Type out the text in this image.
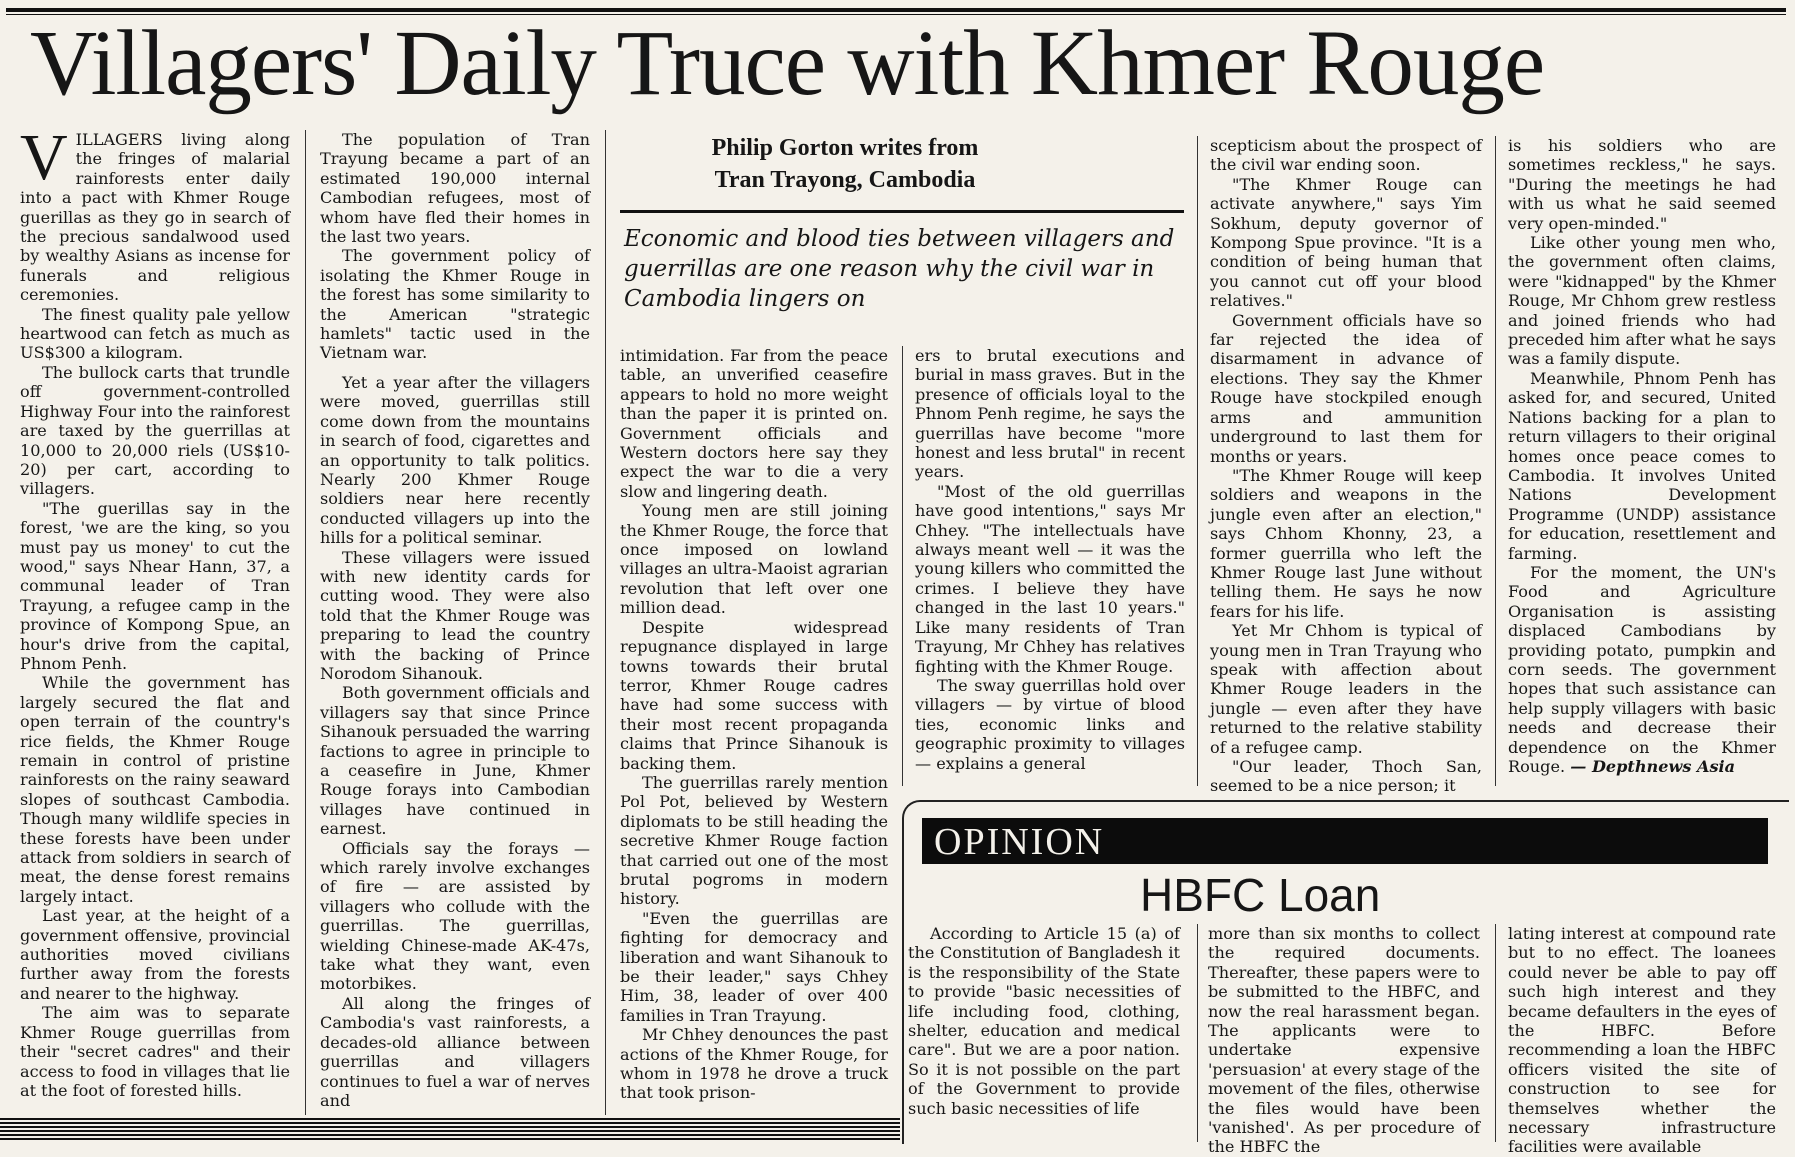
Villagers' Daily Truce with Khmer Rouge

VILLAGERS living along the fringes of malarial rainforests enter daily into a pact with Khmer Rouge guerillas as they go in search of the precious sandalwood used by wealthy Asians as incense for funerals and religious ceremonies.

The finest quality pale yellow heartwood can fetch as much as US$300 a kilogram.

The bullock carts that trundle off government-controlled Highway Four into the rainforest are taxed by the guerrillas at 10,000 to 20,000 riels (US$10-20) per cart, according to villagers.

"The guerillas say in the forest, 'we are the king, so you must pay us money' to cut the wood," says Nhear Hann, 37, a communal leader of Tran Trayung, a refugee camp in the province of Kompong Spue, an hour's drive from the capital, Phnom Penh.

While the government has largely secured the flat and open terrain of the country's rice fields, the Khmer Rouge remain in control of pristine rainforests on the rainy seaward slopes of southcast Cambodia. Though many wildlife species in these forests have been under attack from soldiers in search of meat, the dense forest remains largely intact.

Last year, at the height of a government offensive, provincial authorities moved civilians further away from the forests and nearer to the highway.

The aim was to separate Khmer Rouge guerrillas from their "secret cadres" and their access to food in villages that lie at the foot of forested hills.

The population of Tran Trayung became a part of an estimated 190,000 internal Cambodian refugees, most of whom have fled their homes in the last two years.

The government policy of isolating the Khmer Rouge in the forest has some similarity to the American "strategic hamlets" tactic used in the Vietnam war.

Yet a year after the villagers were moved, guerrillas still come down from the mountains in search of food, cigarettes and an opportunity to talk politics. Nearly 200 Khmer Rouge soldiers near here recently conducted villagers up into the hills for a political seminar.

These villagers were issued with new identity cards for cutting wood. They were also told that the Khmer Rouge was preparing to lead the country with the backing of Prince Norodom Sihanouk.

Both government officials and villagers say that since Prince Sihanouk persuaded the warring factions to agree in principle to a ceasefire in June, Khmer Rouge forays into Cambodian villages have continued in earnest.

Officials say the forays — which rarely involve exchanges of fire — are assisted by villagers who collude with the guerrillas. The guerrillas, wielding Chinese-made AK-47s, take what they want, even motorbikes.

All along the fringes of Cambodia's vast rainforests, a decades-old alliance between guerrillas and villagers continues to fuel a war of nerves and

Philip Gorton writes from
Tran Trayong, Cambodia
Economic and blood ties between villagers and guerrillas are one reason why the civil war in Cambodia lingers on

intimidation. Far from the peace table, an unverified ceasefire appears to hold no more weight than the paper it is printed on. Government officials and Western doctors here say they expect the war to die a very slow and lingering death.

Young men are still joining the Khmer Rouge, the force that once imposed on lowland villages an ultra-Maoist agrarian revolution that left over one million dead.

Despite widespread repugnance displayed in large towns towards their brutal terror, Khmer Rouge cadres have had some success with their most recent propaganda claims that Prince Sihanouk is backing them.

The guerrillas rarely mention Pol Pot, believed by Western diplomats to be still heading the secretive Khmer Rouge faction that carried out one of the most brutal pogroms in modern history.

"Even the guerrillas are fighting for democracy and liberation and want Sihanouk to be their leader," says Chhey Him, 38, leader of over 400 families in Tran Trayung.

Mr Chhey denounces the past actions of the Khmer Rouge, for whom in 1978 he drove a truck that took prison-

ers to brutal executions and burial in mass graves. But in the presence of officials loyal to the Phnom Penh regime, he says the guerrillas have become "more honest and less brutal" in recent years.

"Most of the old guerrillas have good intentions," says Mr Chhey. "The intellectuals have always meant well — it was the young killers who committed the crimes. I believe they have changed in the last 10 years." Like many residents of Tran Trayung, Mr Chhey has relatives fighting with the Khmer Rouge.

The sway guerrillas hold over villagers — by virtue of blood ties, economic links and geographic proximity to villages — explains a general

scepticism about the prospect of the civil war ending soon.

"The Khmer Rouge can activate anywhere," says Yim Sokhum, deputy governor of Kompong Spue province. "It is a condition of being human that you cannot cut off your blood relatives."

Government officials have so far rejected the idea of disarmament in advance of elections. They say the Khmer Rouge have stockpiled enough arms and ammunition underground to last them for months or years.

"The Khmer Rouge will keep soldiers and weapons in the jungle even after an election," says Chhom Khonny, 23, a former guerrilla who left the Khmer Rouge last June without telling them. He says he now fears for his life.

Yet Mr Chhom is typical of young men in Tran Trayung who speak with affection about Khmer Rouge leaders in the jungle — even after they have returned to the relative stability of a refugee camp.

"Our leader, Thoch San, seemed to be a nice person; it

is his soldiers who are sometimes reckless," he says. "During the meetings he had with us what he said seemed very open-minded."

Like other young men who, the government often claims, were "kidnapped" by the Khmer Rouge, Mr Chhom grew restless and joined friends who had preceded him after what he says was a family dispute.

Meanwhile, Phnom Penh has asked for, and secured, United Nations backing for a plan to return villagers to their original homes once peace comes to Cambodia. It involves United Nations Development Programme (UNDP) assistance for education, resettlement and farming.

For the moment, the UN's Food and Agriculture Organisation is assisting displaced Cambodians by providing potato, pumpkin and corn seeds. The government hopes that such assistance can help supply villagers with basic needs and decrease their dependence on the Khmer Rouge. — Depthnews Asia

OPINION
HBFC Loan

According to Article 15 (a) of the Constitution of Bangladesh it is the responsibility of the State to provide "basic necessities of life including food, clothing, shelter, education and medical care". But we are a poor nation. So it is not possible on the part of the Government to provide such basic necessities of life

more than six months to collect the required documents. Thereafter, these papers were to be submitted to the HBFC, and now the real harassment began. The applicants were to undertake expensive 'persuasion' at every stage of the movement of the files, otherwise the files would have been 'vanished'. As per procedure of the HBFC the

lating interest at compound rate but to no effect. The loanees could never be able to pay off such high interest and they became defaulters in the eyes of the HBFC. Before recommending a loan the HBFC officers visited the site of construction to see for themselves whether the necessary infrastructure facilities were available
